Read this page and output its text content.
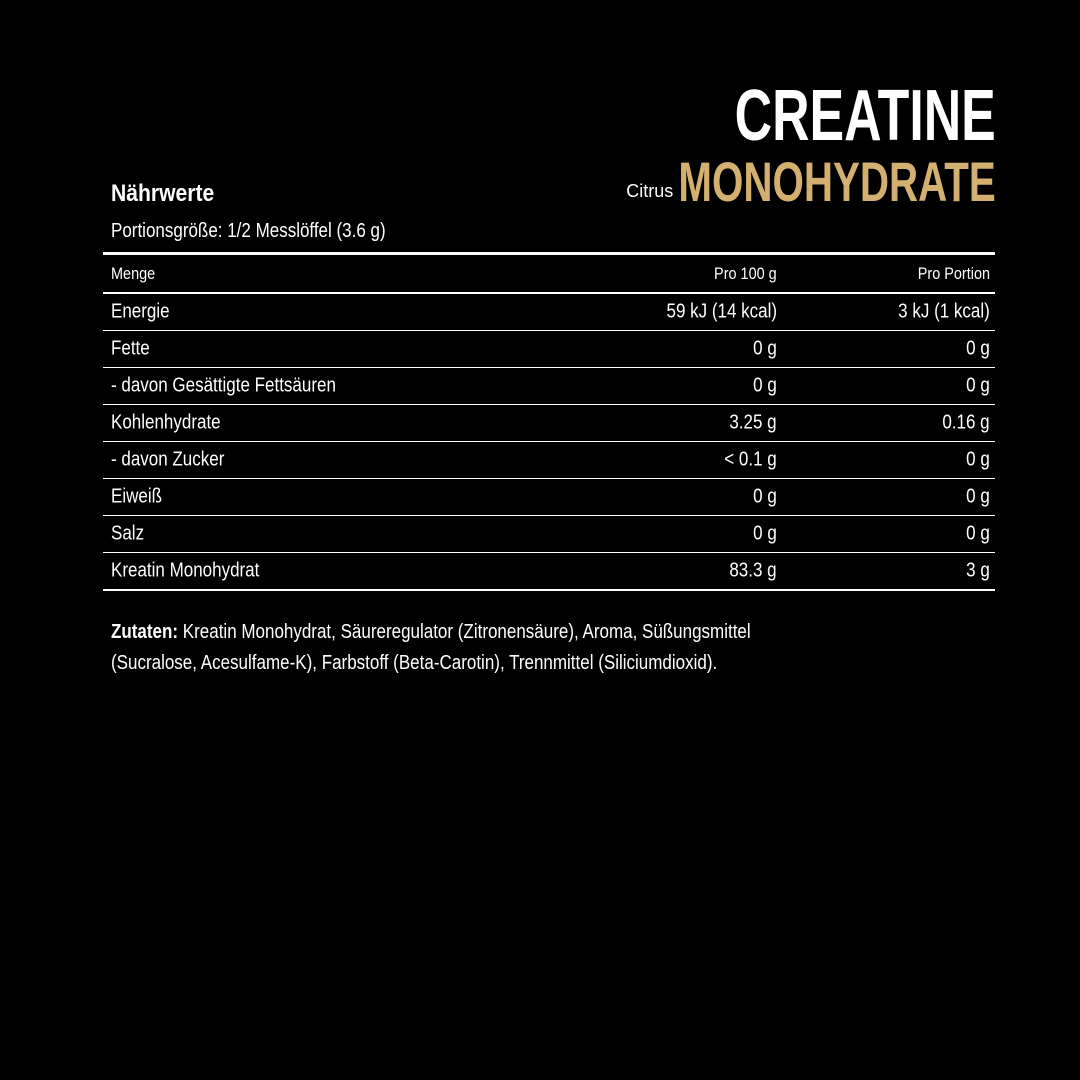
CREATINE
Citrus MONOHYDRATE
Nährwerte
Portionsgröße: 1/2 Messlöffel (3.6 g)
Menge	Pro 100 g	Pro Portion
Energie	59 kJ (14 kcal)	3 kJ (1 kcal)
Fette	0 g	0 g
- davon Gesättigte Fettsäuren	0 g	0 g
Kohlenhydrate	3.25 g	0.16 g
- davon Zucker	< 0.1 g	0 g
Eiweiß	0 g	0 g
Salz	0 g	0 g
Kreatin Monohydrat	83.3 g	3 g
Zutaten: Kreatin Monohydrat, Säureregulator (Zitronensäure), Aroma, Süßungsmittel (Sucralose, Acesulfame-K), Farbstoff (Beta-Carotin), Trennmittel (Siliciumdioxid).
